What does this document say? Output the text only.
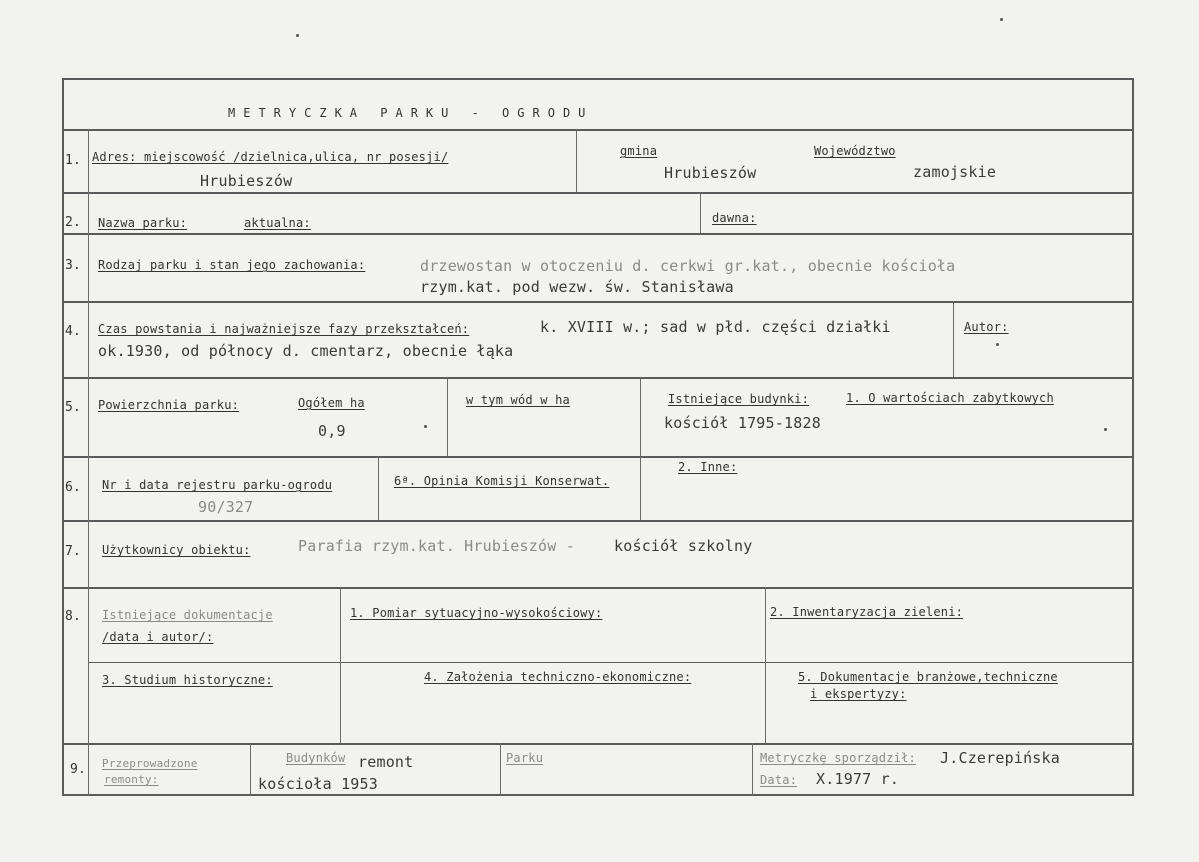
METRYCZKA PARKU - OGRODU
1. Adres: miejscowość /dzielnica,ulica, nr posesji/
Hrubieszów
gmina
Hrubieszów
Województwo
zamojskie
2. Nazwa parku:	aktualna:	dawna:
3. Rodzaj parku i stan jego zachowania:	drzewostan w otoczeniu d. cerkwi gr.kat., obecnie kościoła
rzym.kat. pod wezw. św. Stanisława
4. Czas powstania i najważniejsze fazy przekształceń:	k. XVIII w.; sad w płd. części działki
ok.1930, od północy d. cmentarz, obecnie łąka
Autor:
5. Powierzchnia parku:	Ogółem ha
0,9
w tym wód w ha	Istniejące budynki:	1. O wartościach zabytkowych
kościół 1795-1828
6. Nr i data rejestru parku-ogrodu
90/327
6ª. Opinia Komisji Konserwat.
2. Inne:
7. Użytkownicy obiektu:	Parafia rzym.kat. Hrubieszów -	kościół szkolny
8. Istniejące dokumentacje
/data i autor/:
1. Pomiar sytuacyjno-wysokościowy:	2. Inwentaryzacja zieleni:
3. Studium historyczne:	4. Założenia techniczno-ekonomiczne:	5. Dokumentacje branżowe,techniczne
i ekspertyzy:
9. Przeprowadzone
remonty:
Budynków remont
kościoła 1953
Parku	Metryczkę sporządził: J.Czerepińska
Data: X.1977 r.
